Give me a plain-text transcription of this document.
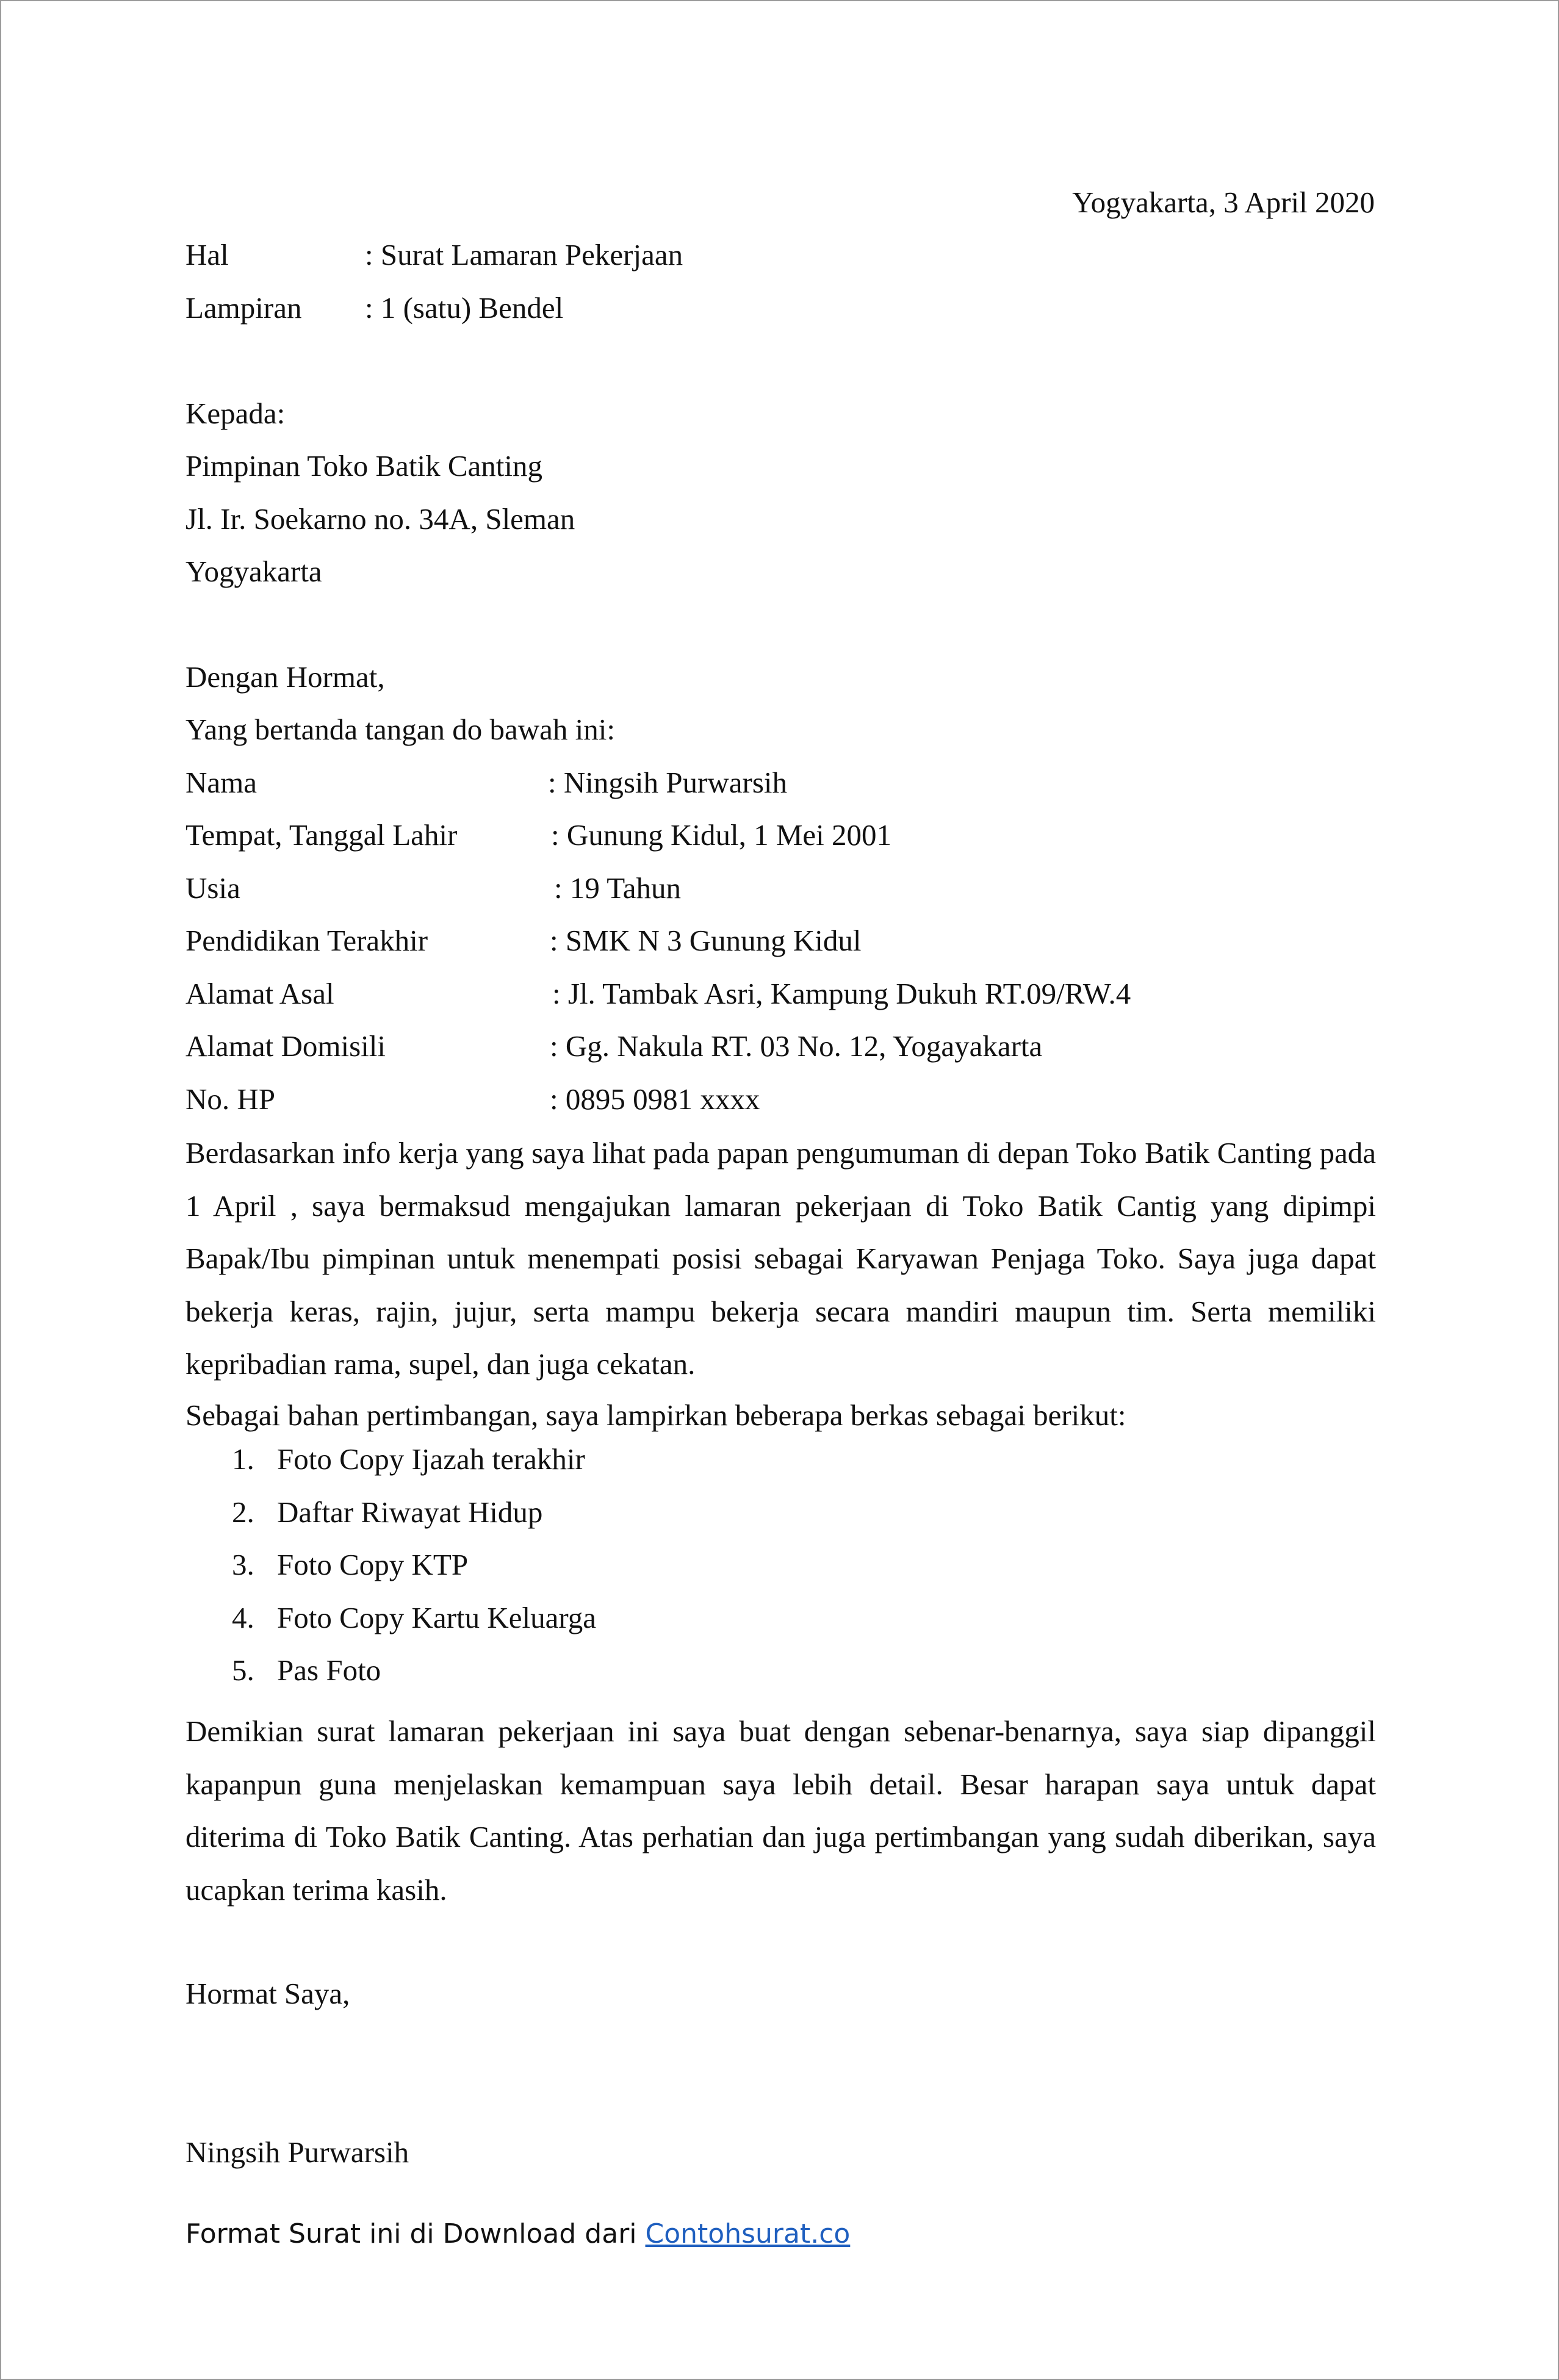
Yogyakarta, 3 April 2020
Hal	: Surat Lamaran Pekerjaan
Lampiran : 1 (satu) Bendel
Kepada:
Pimpinan Toko Batik Canting
Jl. Ir. Soekarno no. 34A, Sleman
Yogyakarta
Dengan Hormat,
Yang bertanda tangan do bawah ini:
Nama	: Ningsih Purwarsih
Tempat, Tanggal Lahir	: Gunung Kidul, 1 Mei 2001
Usia	: 19 Tahun
Pendidikan Terakhir	: SMK N 3 Gunung Kidul
Alamat Asal	: Jl. Tambak Asri, Kampung Dukuh RT.09/RW.4
Alamat Domisili	: Gg. Nakula RT. 03 No. 12, Yogayakarta
No. HP	: 0895 0981 xxxx
Berdasarkan info kerja yang saya lihat pada papan pengumuman di depan Toko Batik Canting pada 1 April , saya bermaksud mengajukan lamaran pekerjaan di Toko Batik Cantig yang dipimpi Bapak/Ibu pimpinan untuk menempati posisi sebagai Karyawan Penjaga Toko. Saya juga dapat bekerja keras, rajin, jujur, serta mampu bekerja secara mandiri maupun tim. Serta memiliki kepribadian rama, supel, dan juga cekatan.
Sebagai bahan pertimbangan, saya lampirkan beberapa berkas sebagai berikut:
1. Foto Copy Ijazah terakhir
2. Daftar Riwayat Hidup
3. Foto Copy KTP
4. Foto Copy Kartu Keluarga
5. Pas Foto
Demikian surat lamaran pekerjaan ini saya buat dengan sebenar-benarnya, saya siap dipanggil kapanpun guna menjelaskan kemampuan saya lebih detail. Besar harapan saya untuk dapat diterima di Toko Batik Canting. Atas perhatian dan juga pertimbangan yang sudah diberikan, saya ucapkan terima kasih.
Hormat Saya,
Ningsih Purwarsih
Format Surat ini di Download dari Contohsurat.co
